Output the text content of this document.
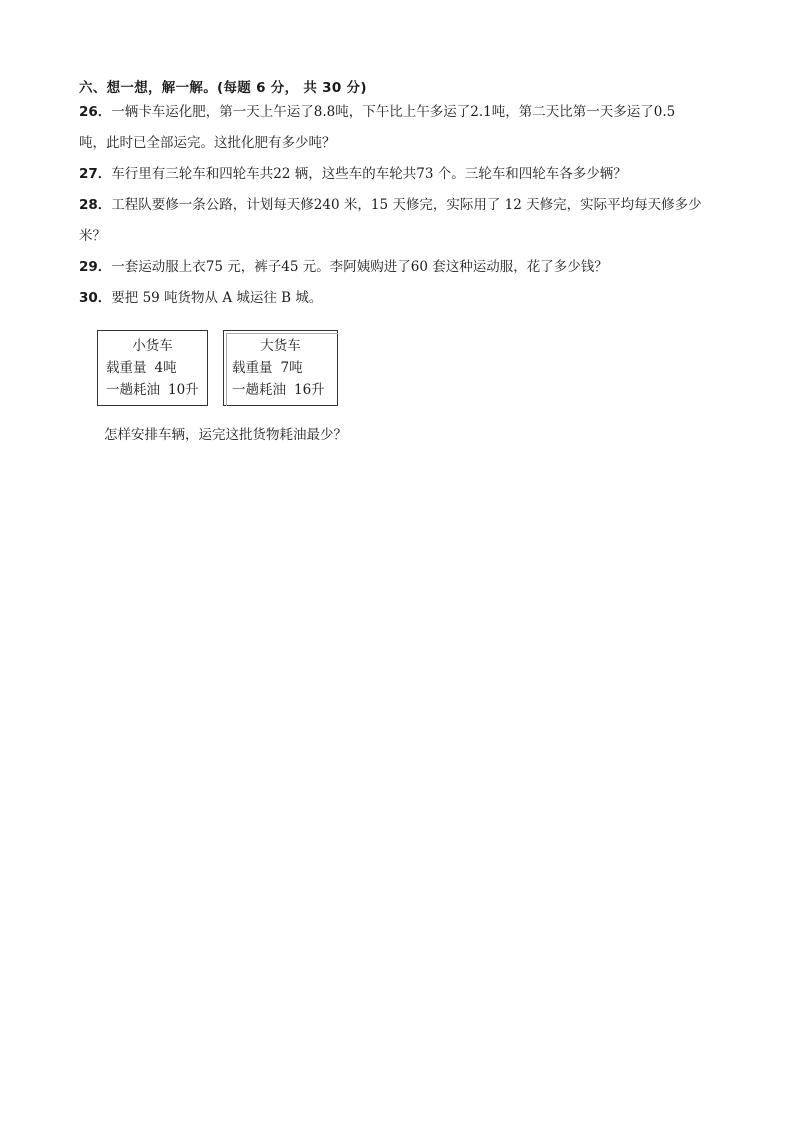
六、想一想，解一解。(每题 6 分， 共 30 分)
26．一辆卡车运化肥，第一天上午运了8.8吨，下午比上午多运了2.1吨，第二天比第一天多运了0.5
吨，此时已全部运完。这批化肥有多少吨？
27．车行里有三轮车和四轮车共22 辆，这些车的车轮共73 个。三轮车和四轮车各多少辆？
28．工程队要修一条公路，计划每天修240 米，15 天修完，实际用了 12 天修完，实际平均每天修多少
米？
29．一套运动服上衣75 元，裤子45 元。李阿姨购进了60 套这种运动服，花了多少钱？
30．要把 59 吨货物从 A 城运往 B 城。
小货车
载重量 4吨
一趟耗油 10升
大货车
载重量 7吨
一趟耗油 16升
怎样安排车辆，运完这批货物耗油最少？
